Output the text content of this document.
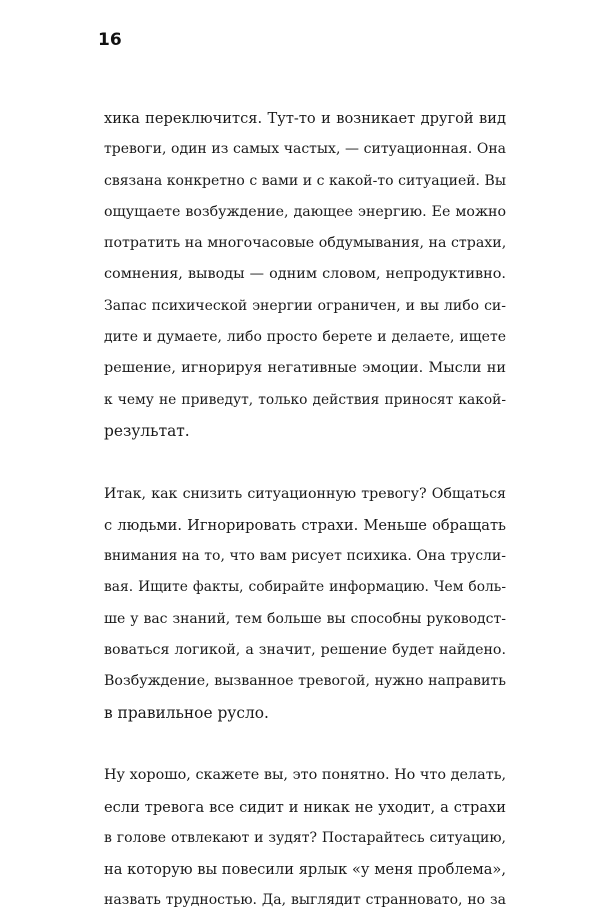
16
хика переключится. Тут-то и возникает другой вид
тревоги, один из самых частых, — ситуационная. Она
связана конкретно с вами и с какой-то ситуацией. Вы
ощущаете возбуждение, дающее энергию. Ее можно
потратить на многочасовые обдумывания, на страхи,
сомнения, выводы — одним словом, непродуктивно.
Запас психической энергии ограничен, и вы либо си-
дите и думаете, либо просто берете и делаете, ищете
решение, игнорируя негативные эмоции. Мысли ни
к чему не приведут, только действия приносят какой-
результат.
Итак, как снизить ситуационную тревогу? Общаться
с людьми. Игнорировать страхи. Меньше обращать
внимания на то, что вам рисует психика. Она трусли-
вая. Ищите факты, собирайте информацию. Чем боль-
ше у вас знаний, тем больше вы способны руководст-
воваться логикой, а значит, решение будет найдено.
Возбуждение, вызванное тревогой, нужно направить
в правильное русло.
Ну хорошо, скажете вы, это понятно. Но что делать,
если тревога все сидит и никак не уходит, а страхи
в голове отвлекают и зудят? Постарайтесь ситуацию,
на которую вы повесили ярлык «у меня проблема»,
назвать трудностью. Да, выглядит странновато, но за
